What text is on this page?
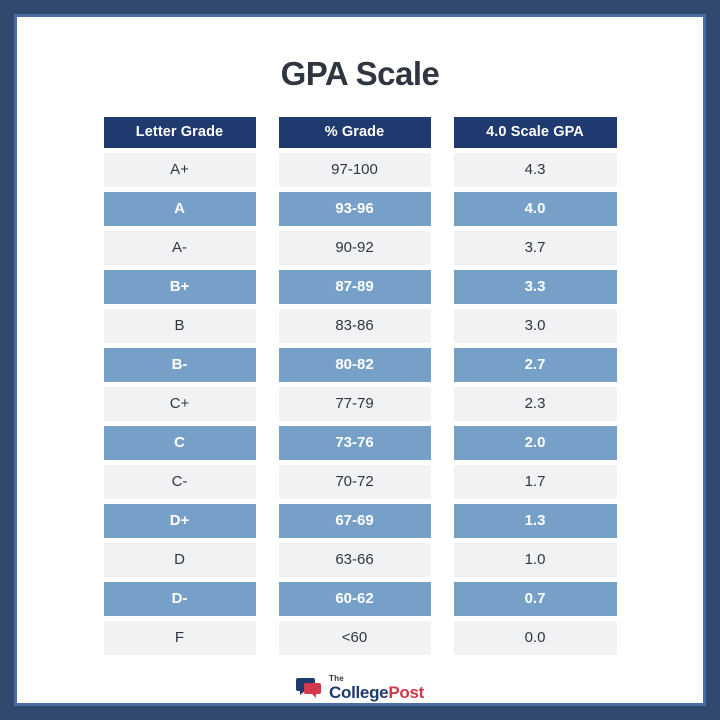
GPA Scale
Letter Grade
A+
A
A-
B+
B
B-
C+
C
C-
D+
D
D-
F
% Grade
97-100
93-96
90-92
87-89
83-86
80-82
77-79
73-76
70-72
67-69
63-66
60-62
<60
4.0 Scale GPA
4.3
4.0
3.7
3.3
3.0
2.7
2.3
2.0
1.7
1.3
1.0
0.7
0.0
The
CollegePost
